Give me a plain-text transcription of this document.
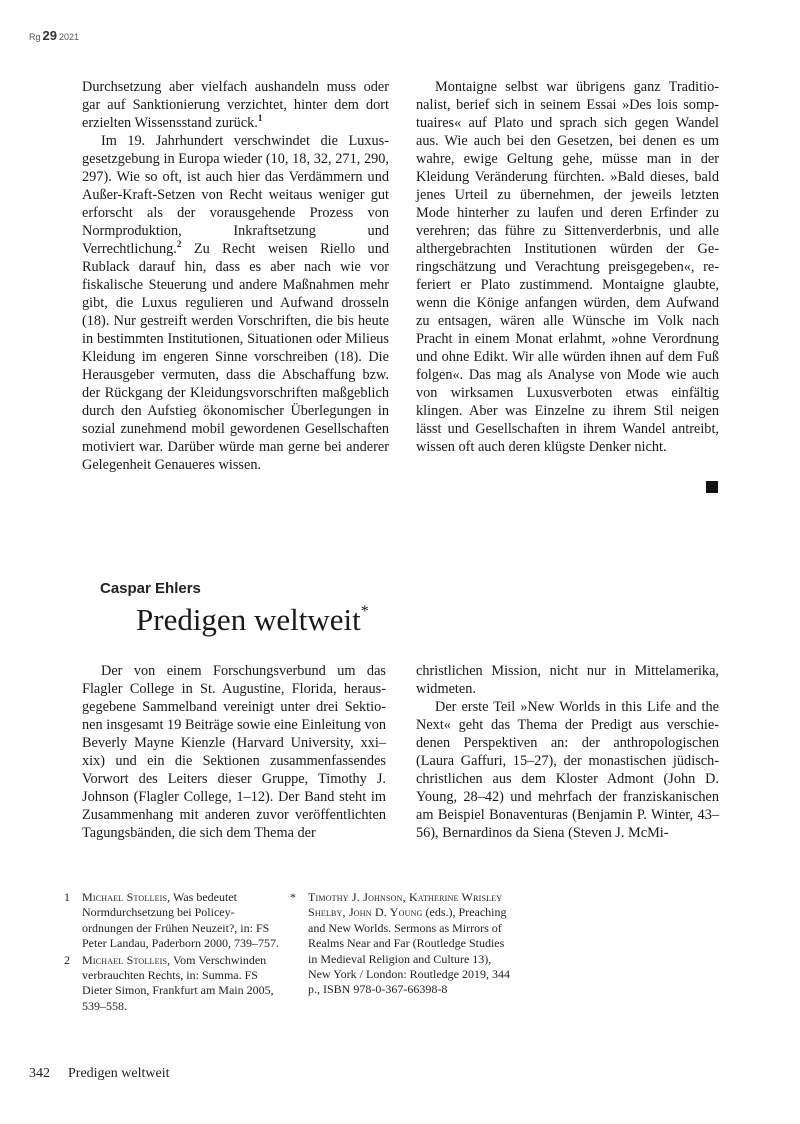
Rg 29 2021

Durchsetzung aber vielfach aushandeln muss oder gar auf Sanktionierung verzichtet, hinter dem dort erzielten Wissensstand zurück.$^1$

Im 19. Jahrhundert verschwindet die Luxusgesetzgebung in Europa wieder (10, 18, 32, 271, 290, 297). Wie so oft, ist auch hier das Verdämmern und Außer-Kraft-Setzen von Recht weitaus weniger gut erforscht als der vorausgehende Prozess von Normproduktion, Inkraftsetzung und Verrechtlichung.$^2$ Zu Recht weisen Riello und Rublack darauf hin, dass es aber nach wie vor fiskalische Steuerung und andere Maßnahmen mehr gibt, die Luxus regulieren und Aufwand drosseln (18). Nur gestreift werden Vorschriften, die bis heute in bestimmten Institutionen, Situationen oder Milieus Kleidung im engeren Sinne vorschreiben (18). Die Herausgeber vermuten, dass die Abschaffung bzw. der Rückgang der Kleidungsvorschriften maßgeblich durch den Aufstieg ökonomischer Überlegungen in sozial zunehmend mobil gewordenen Gesellschaften motiviert war. Darüber würde man gerne bei anderer Gelegenheit Genaueres wissen.

Montaigne selbst war übrigens ganz Traditionalist, berief sich in seinem Essai »Des lois somptuaires« auf Plato und sprach sich gegen Wandel aus. Wie auch bei den Gesetzen, bei denen es um wahre, ewige Geltung gehe, müsse man in der Kleidung Veränderung fürchten. »Bald dieses, bald jenes Urteil zu übernehmen, der jeweils letzten Mode hinterher zu laufen und deren Erfinder zu verehren; das führe zu Sittenverderbnis, und alle althergebrachten Institutionen würden der Geringschätzung und Verachtung preisgegeben«, referiert er Plato zustimmend. Montaigne glaubte, wenn die Könige anfangen würden, dem Aufwand zu entsagen, wären alle Wünsche im Volk nach Pracht in einem Monat erlahmt, »ohne Verordnung und ohne Edikt. Wir alle würden ihnen auf dem Fuß folgen«. Das mag als Analyse von Mode wie auch von wirksamen Luxusverboten etwas einfältig klingen. Aber was Einzelne zu ihrem Stil neigen lässt und Gesellschaften in ihrem Wandel antreibt, wissen oft auch deren klügste Denker nicht.

Caspar Ehlers
Predigen weltweit*

Der von einem Forschungsverbund um das Flagler College in St. Augustine, Florida, herausgegebene Sammelband vereinigt unter drei Sektionen insgesamt 19 Beiträge sowie eine Einleitung von Beverly Mayne Kienzle (Harvard University, xxi–xix) und ein die Sektionen zusammenfassendes Vorwort des Leiters dieser Gruppe, Timothy J. Johnson (Flagler College, 1–12). Der Band steht im Zusammenhang mit anderen zuvor veröffentlichten Tagungsbänden, die sich dem Thema der

christlichen Mission, nicht nur in Mittelamerika, widmeten.

Der erste Teil »New Worlds in this Life and the Next« geht das Thema der Predigt aus verschiedenen Perspektiven an: der anthropologischen (Laura Gaffuri, 15–27), der monastischen jüdisch-christlichen aus dem Kloster Admont (John D. Young, 28–42) und mehrfach der franziskanischen am Beispiel Bonaventuras (Benjamin P. Winter, 43–56), Bernardinos da Siena (Steven J. McMi-

1 Michael Stolleis, Was bedeutet Normdurchsetzung bei Policeyordnungen der Frühen Neuzeit?, in: FS Peter Landau, Paderborn 2000, 739–757.
2 Michael Stolleis, Vom Verschwinden verbrauchten Rechts, in: Summa. FS Dieter Simon, Frankfurt am Main 2005, 539–558.
* Timothy J. Johnson, Katherine Wrisley Shelby, John D. Young (eds.), Preaching and New Worlds. Sermons as Mirrors of Realms Near and Far (Routledge Studies in Medieval Religion and Culture 13), New York / London: Routledge 2019, 344 p., ISBN 978-0-367-66398-8
342 Predigen weltweit
